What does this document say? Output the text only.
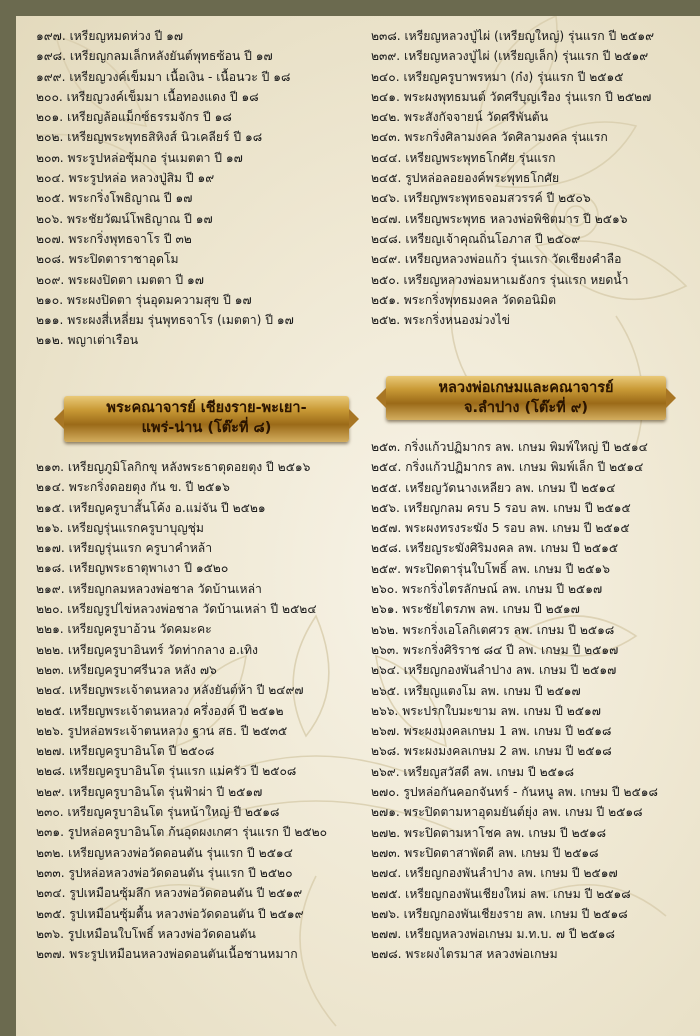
๑๙๗. เหรียญหมดห่วง ปี ๑๗
๑๙๘. เหรียญกลมเล็กหลังยันต์พุทธซ้อน ปี ๑๗
๑๙๙. เหรียญวงค์เข็มมา เนื้อเงิน - เนื้อนวะ ปี ๑๘
๒๐๐. เหรียญวงค์เข็มมา เนื้อทองแดง ปี ๑๘
๒๐๑. เหรียญล้อแม็กซ์ธรรมจักร ปี ๑๘
๒๐๒. เหรียญพระพุทธสิหิงส์ นิวเคลียร์ ปี ๑๘
๒๐๓. พระรูปหล่อซุ้มกอ รุ่นเมตตา ปี ๑๗
๒๐๔. พระรูปหล่อ หลวงปู่สิม ปี ๑๙
๒๐๕. พระกริ่งโพธิญาณ ปี ๑๗
๒๐๖. พระชัยวัฒน์โพธิญาณ ปี ๑๗
๒๐๗. พระกริ่งพุทธจาโร ปี ๓๒
๒๐๘. พระปิดตาราชาอุดโม
๒๐๙. พระผงปิดตา เมตตา ปี ๑๗
๒๑๐. พระผงปิดตา รุ่นอุดมความสุข ปี ๑๗
๒๑๑. พระผงสี่เหลี่ยม รุ่นพุทธจาโร (เมตตา) ปี ๑๗
๒๑๒. พญาเต่าเรือน
พระคณาจารย์ เชียงราย-พะเยา-
แพร่-น่าน (โต๊ะที่ ๘)
๒๑๓. เหรียญภูมิโลกิกขุ หลังพระธาตุดอยตุง ปี ๒๕๑๖
๒๑๔. พระกริ่งดอยตุง กัน ข. ปี ๒๕๑๖
๒๑๕. เหรียญครูบาสั้นโค้ง อ.แม่จัน ปี ๒๕๒๑
๒๑๖. เหรียญรุ่นแรกครูบาบุญชุ่ม
๒๑๗. เหรียญรุ่นแรก ครูบาคำหล้า
๒๑๘. เหรียญพระธาตุพาเงา ปี ๑๕๒๐
๒๑๙. เหรียญกลมหลวงพ่อชาล วัดบ้านเหล่า
๒๒๐. เหรียญรูปไข่หลวงพ่อชาล วัดบ้านเหล่า ปี ๒๕๒๔
๒๒๑. เหรียญครูบาอ้วน วัดคมะคะ
๒๒๒. เหรียญครูบาอินทร์ วัดท่ากลาง อ.เทิง
๒๒๓. เหรียญครูบาศรีนวล หลัง ๗๖
๒๒๔. เหรียญพระเจ้าตนหลวง หลังยันต์ห้า ปี ๒๔๙๗
๒๒๕. เหรียญพระเจ้าตนหลวง ครึ่งองค์ ปี ๒๕๑๒
๒๒๖. รูปหล่อพระเจ้าตนหลวง ฐาน สธ. ปี ๒๕๓๕
๒๒๗. เหรียญครูบาอินโต ปี ๒๕๐๘
๒๒๘. เหรียญครูบาอินโต รุ่นแรก แม่ครัว ปี ๒๕๐๘
๒๒๙. เหรียญครูบาอินโต รุ่นฟ้าผ่า ปี ๒๕๑๗
๒๓๐. เหรียญครูบาอินโต รุ่นหน้าใหญ่ ปี ๒๕๑๘
๒๓๑. รูปหล่อครูบาอินโต ก้นอุดผงเกศา รุ่นแรก ปี ๒๕๒๐
๒๓๒. เหรียญหลวงพ่อวัดดอนตัน รุ่นแรก ปี ๒๕๑๔
๒๓๓. รูปหล่อหลวงพ่อวัดดอนตัน รุ่นแรก ปี ๒๕๒๐
๒๓๔. รูปเหมือนซุ้มลึก หลวงพ่อวัดดอนตัน ปี ๒๕๑๙
๒๓๕. รูปเหมือนซุ้มตื้น หลวงพ่อวัดดอนตัน ปี ๒๕๑๙
๒๓๖. รูปเหมือนใบโพธิ์ หลวงพ่อวัดดอนตัน
๒๓๗. พระรูปเหมือนหลวงพ่อดอนตันเนื้อชานหมาก
๒๓๘. เหรียญหลวงปู่ไผ่ (เหรียญใหญ่) รุ่นแรก ปี ๒๕๑๙
๒๓๙. เหรียญหลวงปู่ไผ่ (เหรียญเล็ก) รุ่นแรก ปี ๒๕๑๙
๒๔๐. เหรียญครูบาพรหมา (ก๋ง) รุ่นแรก ปี ๒๕๑๕
๒๔๑. พระผงพุทธมนต์ วัดศรีบุญเรือง รุ่นแรก ปี ๒๕๒๗
๒๔๒. พระสังกัจจายน์ วัดศรีพันต้น
๒๔๓. พระกริ่งศิลามงคล วัดศิลามงคล รุ่นแรก
๒๔๔. เหรียญพระพุทธโกศัย รุ่นแรก
๒๔๕. รูปหล่อลอยองค์พระพุทธโกศัย
๒๔๖. เหรียญพระพุทธจอมสวรรค์ ปี ๒๕๐๖
๒๔๗. เหรียญพระพุทธ หลวงพ่อพิชิตมาร ปี ๒๕๑๖
๒๔๘. เหรียญเจ้าคุณถิ่นโอภาส ปี ๒๕๐๙
๒๔๙. เหรียญหลวงพ่อแก้ว รุ่นแรก วัดเชียงคำลือ
๒๕๐. เหรียญหลวงพ่อมหาเมธังกร รุ่นแรก หยดน้ำ
๒๕๑. พระกริ่งพุทธมงคล วัดดอนิมิต
๒๕๒. พระกริ่งหนองม่วงไข่
หลวงพ่อเกษมและคณาจารย์
จ.ลำปาง (โต๊ะที่ ๙)
๒๕๓. กริ่งแก้วปฏิมากร ลพ. เกษม พิมพ์ใหญ่ ปี ๒๕๑๔
๒๕๔. กริ่งแก้วปฏิมากร ลพ. เกษม พิมพ์เล็ก ปี ๒๕๑๔
๒๕๕. เหรียญวัดนางเหลียว ลพ. เกษม ปี ๒๕๑๔
๒๕๖. เหรียญกลม ครบ 5 รอบ ลพ. เกษม ปี ๒๕๑๕
๒๕๗. พระผงทรงระฆัง 5 รอบ ลพ. เกษม ปี ๒๕๑๕
๒๕๘. เหรียญระฆังศิริมงคล ลพ. เกษม ปี ๒๕๑๕
๒๕๙. พระปิดตารุ่นใบโพธิ์ ลพ. เกษม ปี ๒๕๑๖
๒๖๐. พระกริ่งไตรลักษณ์ ลพ. เกษม ปี ๒๕๑๗
๒๖๑. พระชัยไตรภพ ลพ. เกษม ปี ๒๕๑๗
๒๖๒. พระกริ่งเอโลกิเตศวร ลพ. เกษม ปี ๒๕๑๘
๒๖๓. พระกริ่งศิริราช ๘๔ ปี ลพ. เกษม ปี ๒๕๑๗
๒๖๔. เหรียญกองพันลำปาง ลพ. เกษม ปี ๒๕๑๗
๒๖๕. เหรียญแตงโม ลพ. เกษม ปี ๒๕๑๗
๒๖๖. พระปรกใบมะขาม ลพ. เกษม ปี ๒๕๑๗
๒๖๗. พระผงมงคลเกษม 1 ลพ. เกษม ปี ๒๕๑๘
๒๖๘. พระผงมงคลเกษม 2 ลพ. เกษม ปี ๒๕๑๘
๒๖๙. เหรียญสวัสดี ลพ. เกษม ปี ๒๕๑๘
๒๗๐. รูปหล่อกันคอกจันทร์ - กันหนู ลพ. เกษม ปี ๒๕๑๘
๒๗๑. พระปิดตามหาอุดมยันต์ยุ่ง ลพ. เกษม ปี ๒๕๑๘
๒๗๒. พระปิดตามหาโชค ลพ. เกษม ปี ๒๕๑๘
๒๗๓. พระปิดตาสาพัดดี ลพ. เกษม ปี ๒๕๑๘
๒๗๔. เหรียญกองพันลำปาง ลพ. เกษม ปี ๒๕๑๗
๒๗๕. เหรียญกองพันเชียงใหม่ ลพ. เกษม ปี ๒๕๑๘
๒๗๖. เหรียญกองพันเชียงราย ลพ. เกษม ปี ๒๕๑๘
๒๗๗. เหรียญหลวงพ่อเกษม ม.ท.บ. ๗ ปี ๒๕๑๘
๒๗๘. พระผงไตรมาส หลวงพ่อเกษม
